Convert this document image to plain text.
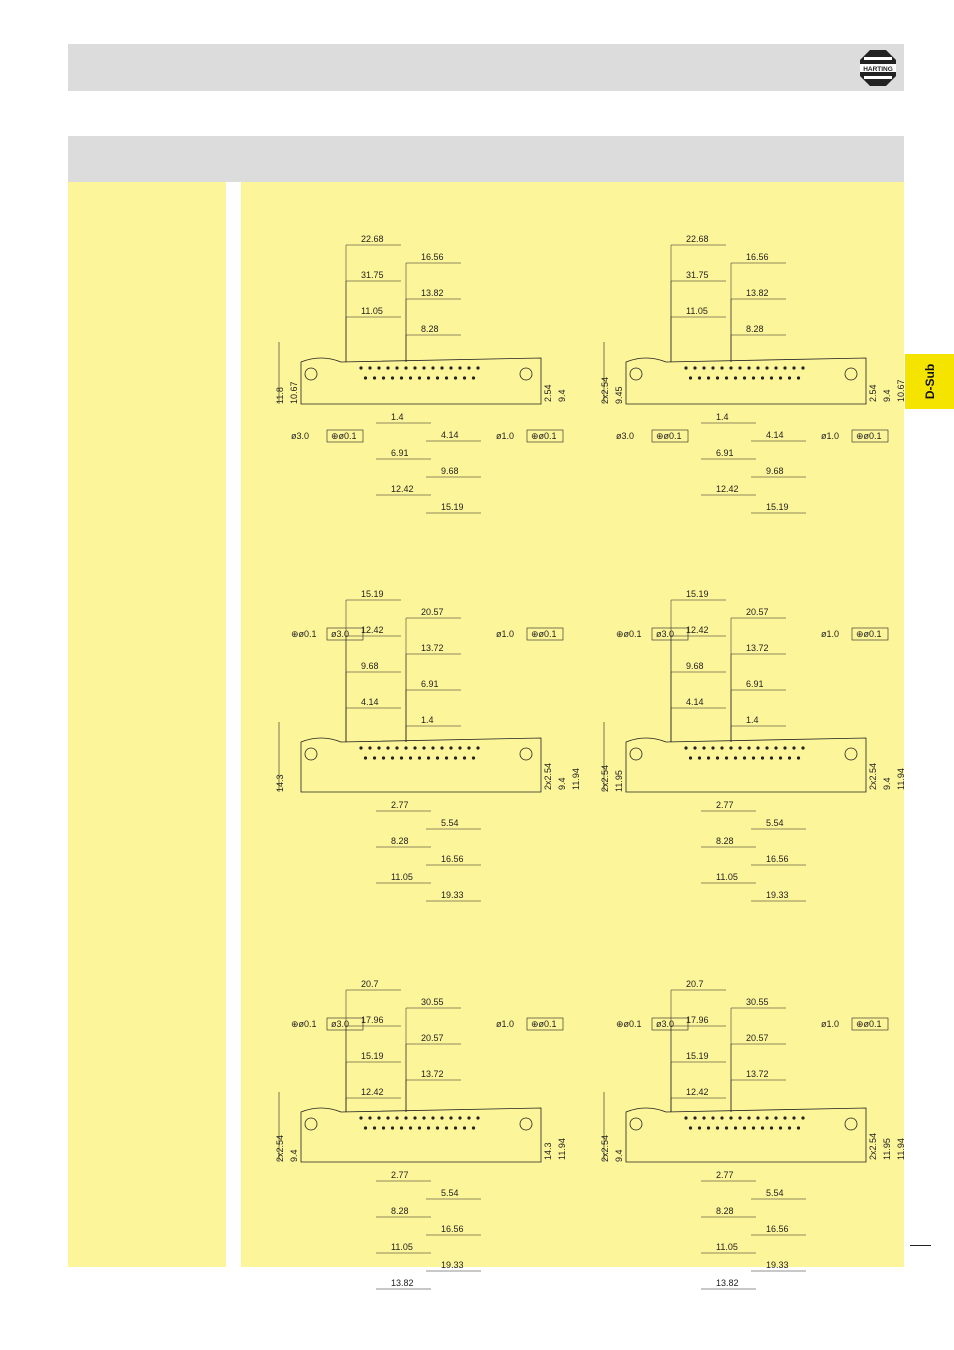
HARTING
D-Sub
22.68
16.56
31.75
13.82
11.05
8.28
1.4
4.14
6.91
9.68
12.42
15.19
11.8 10.67	2.54 9.4
ø3.0 ⊕ø0.1	ø1.0 ⊕ø0.1
22.68
16.56
31.75
13.82
11.05
8.28
1.4
4.14
6.91
9.68
12.42
15.19
2x2.54 9.45	2.54 9.4 10.67
ø3.0 ⊕ø0.1	ø1.0 ⊕ø0.1
15.19
20.57
12.42
13.72
9.68
6.91
4.14
1.4
2.77
5.54
8.28
16.56
11.05
19.33
14.3	2x2.54 9.4 11.94
⊕ø0.1 ø3.0	ø1.0 ⊕ø0.1
15.19
20.57
12.42
13.72
9.68
6.91
4.14
1.4
2.77
5.54
8.28
16.56
11.05
19.33
2x2.54 11.95	2x2.54 9.4 11.94
⊕ø0.1 ø3.0	ø1.0 ⊕ø0.1
20.7
30.55
17.96
20.57
15.19
13.72
12.42
2.77
5.54
8.28
16.56
11.05
19.33
13.82
2x2.54 9.4	14.3 11.94
⊕ø0.1 ø3.0	ø1.0 ⊕ø0.1
20.7
30.55
17.96
20.57
15.19
13.72
12.42
2.77
5.54
8.28
16.56
11.05
19.33
13.82
2x2.54 9.4	2x2.54 11.95 11.94
⊕ø0.1 ø3.0	ø1.0 ⊕ø0.1
